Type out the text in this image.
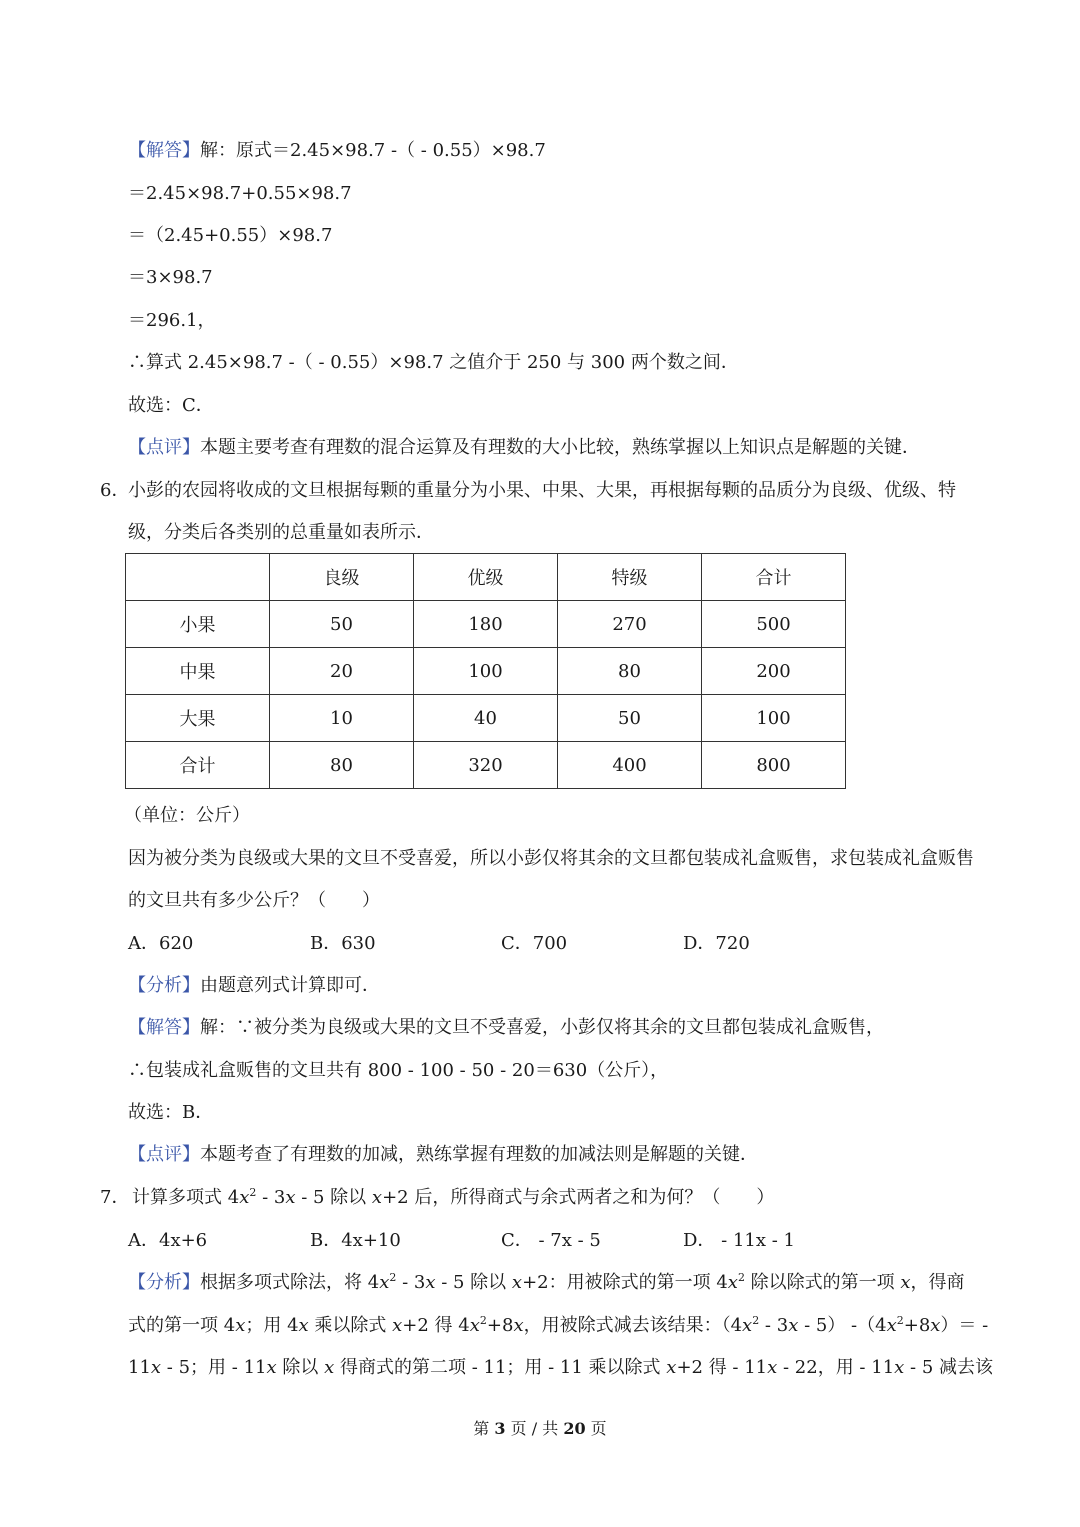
【解答】解：原式＝2.45×98.7 -（ - 0.55）×98.7
＝2.45×98.7+0.55×98.7
＝（2.45+0.55）×98.7
＝3×98.7
＝296.1，
∴算式 2.45×98.7 -（ - 0.55）×98.7 之值介于 250 与 300 两个数之间．
故选：C．
【点评】本题主要考查有理数的混合运算及有理数的大小比较，熟练掌握以上知识点是解题的关键．
6．
小彭的农园将收成的文旦根据每颗的重量分为小果、中果、大果，再根据每颗的品质分为良级、优级、特级，分类后各类别的总重量如表所示．
	良级	优级	特级	合计
小果	50	180	270	500
中果	20	100	80	200
大果	10	40	50	100
合计	80	320	400	800
（单位：公斤）
因为被分类为良级或大果的文旦不受喜爱，所以小彭仅将其余的文旦都包装成礼盒贩售，求包装成礼盒贩售的文旦共有多少公斤？（　　）
A．620	B．630	C．700	D．720
【分析】由题意列式计算即可．
【解答】解：∵被分类为良级或大果的文旦不受喜爱，小彭仅将其余的文旦都包装成礼盒贩售，
∴包装成礼盒贩售的文旦共有 800 - 100 - 50 - 20＝630（公斤），
故选：B．
【点评】本题考查了有理数的加减，熟练掌握有理数的加减法则是解题的关键．
7． 计算多项式 $4x^2 - 3x - 5$ 除以 x+2 后，所得商式与余式两者之和为何？（　　）
A．4x+6	B．4x+10	C． - 7x - 5	D． - 11x - 1
【分析】根据多项式除法，将 $4x^2 - 3x - 5$ 除以 x+2：用被除式的第一项 $4x^2$ 除以除式的第一项 x，得商
式的第一项 4x；用 4x 乘以除式 x+2 得 $4x^2+8x$，用被除式减去该结果：$(4x^2 - 3x - 5)$ $-(4x^2+8x)=$ -
11x - 5；用 - 11x 除以 x 得商式的第二项 - 11；用 - 11 乘以除式 x+2 得 - 11x - 22，用 - 11x - 5 减去该
第 3 页 / 共 20 页
